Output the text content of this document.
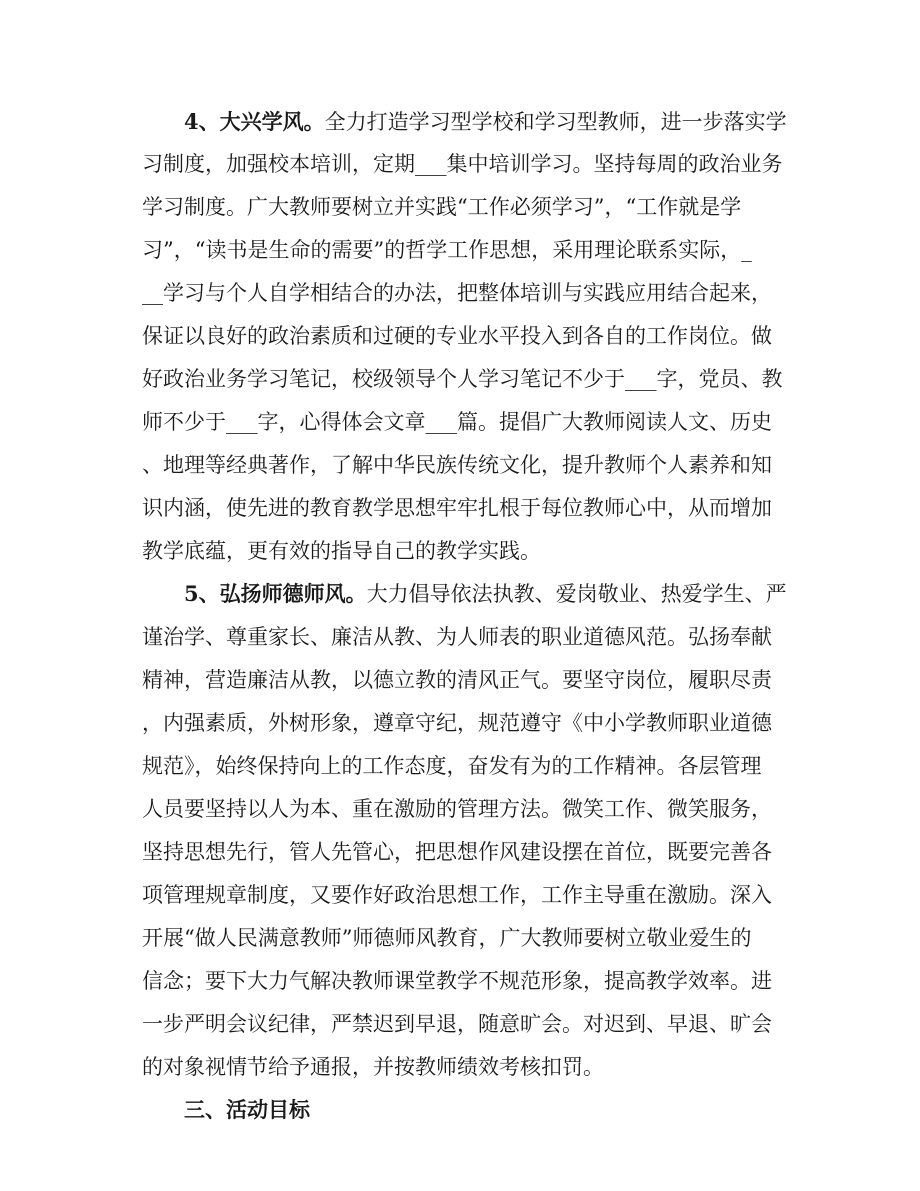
4、大兴学风。全力打造学习型学校和学习型教师，进一步落实学
习制度，加强校本培训，定期___集中培训学习。坚持每周的政治业务
学习制度。广大教师要树立并实践“工作必须学习”，“工作就是学
习”，“读书是生命的需要”的哲学工作思想，采用理论联系实际，_
__学习与个人自学相结合的办法，把整体培训与实践应用结合起来，
保证以良好的政治素质和过硬的专业水平投入到各自的工作岗位。做
好政治业务学习笔记，校级领导个人学习笔记不少于___字，党员、教
师不少于___字，心得体会文章___篇。提倡广大教师阅读人文、历史
、地理等经典著作，了解中华民族传统文化，提升教师个人素养和知
识内涵，使先进的教育教学思想牢牢扎根于每位教师心中，从而增加
教学底蕴，更有效的指导自己的教学实践。
5、弘扬师德师风。大力倡导依法执教、爱岗敬业、热爱学生、严
谨治学、尊重家长、廉洁从教、为人师表的职业道德风范。弘扬奉献
精神，营造廉洁从教，以德立教的清风正气。要坚守岗位，履职尽责
，内强素质，外树形象，遵章守纪，规范遵守《中小学教师职业道德
规范》，始终保持向上的工作态度，奋发有为的工作精神。各层管理
人员要坚持以人为本、重在激励的管理方法。微笑工作、微笑服务，
坚持思想先行，管人先管心，把思想作风建设摆在首位，既要完善各
项管理规章制度，又要作好政治思想工作，工作主导重在激励。深入
开展“做人民满意教师”师德师风教育，广大教师要树立敬业爱生的
信念；要下大力气解决教师课堂教学不规范形象，提高教学效率。进
一步严明会议纪律，严禁迟到早退，随意旷会。对迟到、早退、旷会
的对象视情节给予通报，并按教师绩效考核扣罚。
三、活动目标
